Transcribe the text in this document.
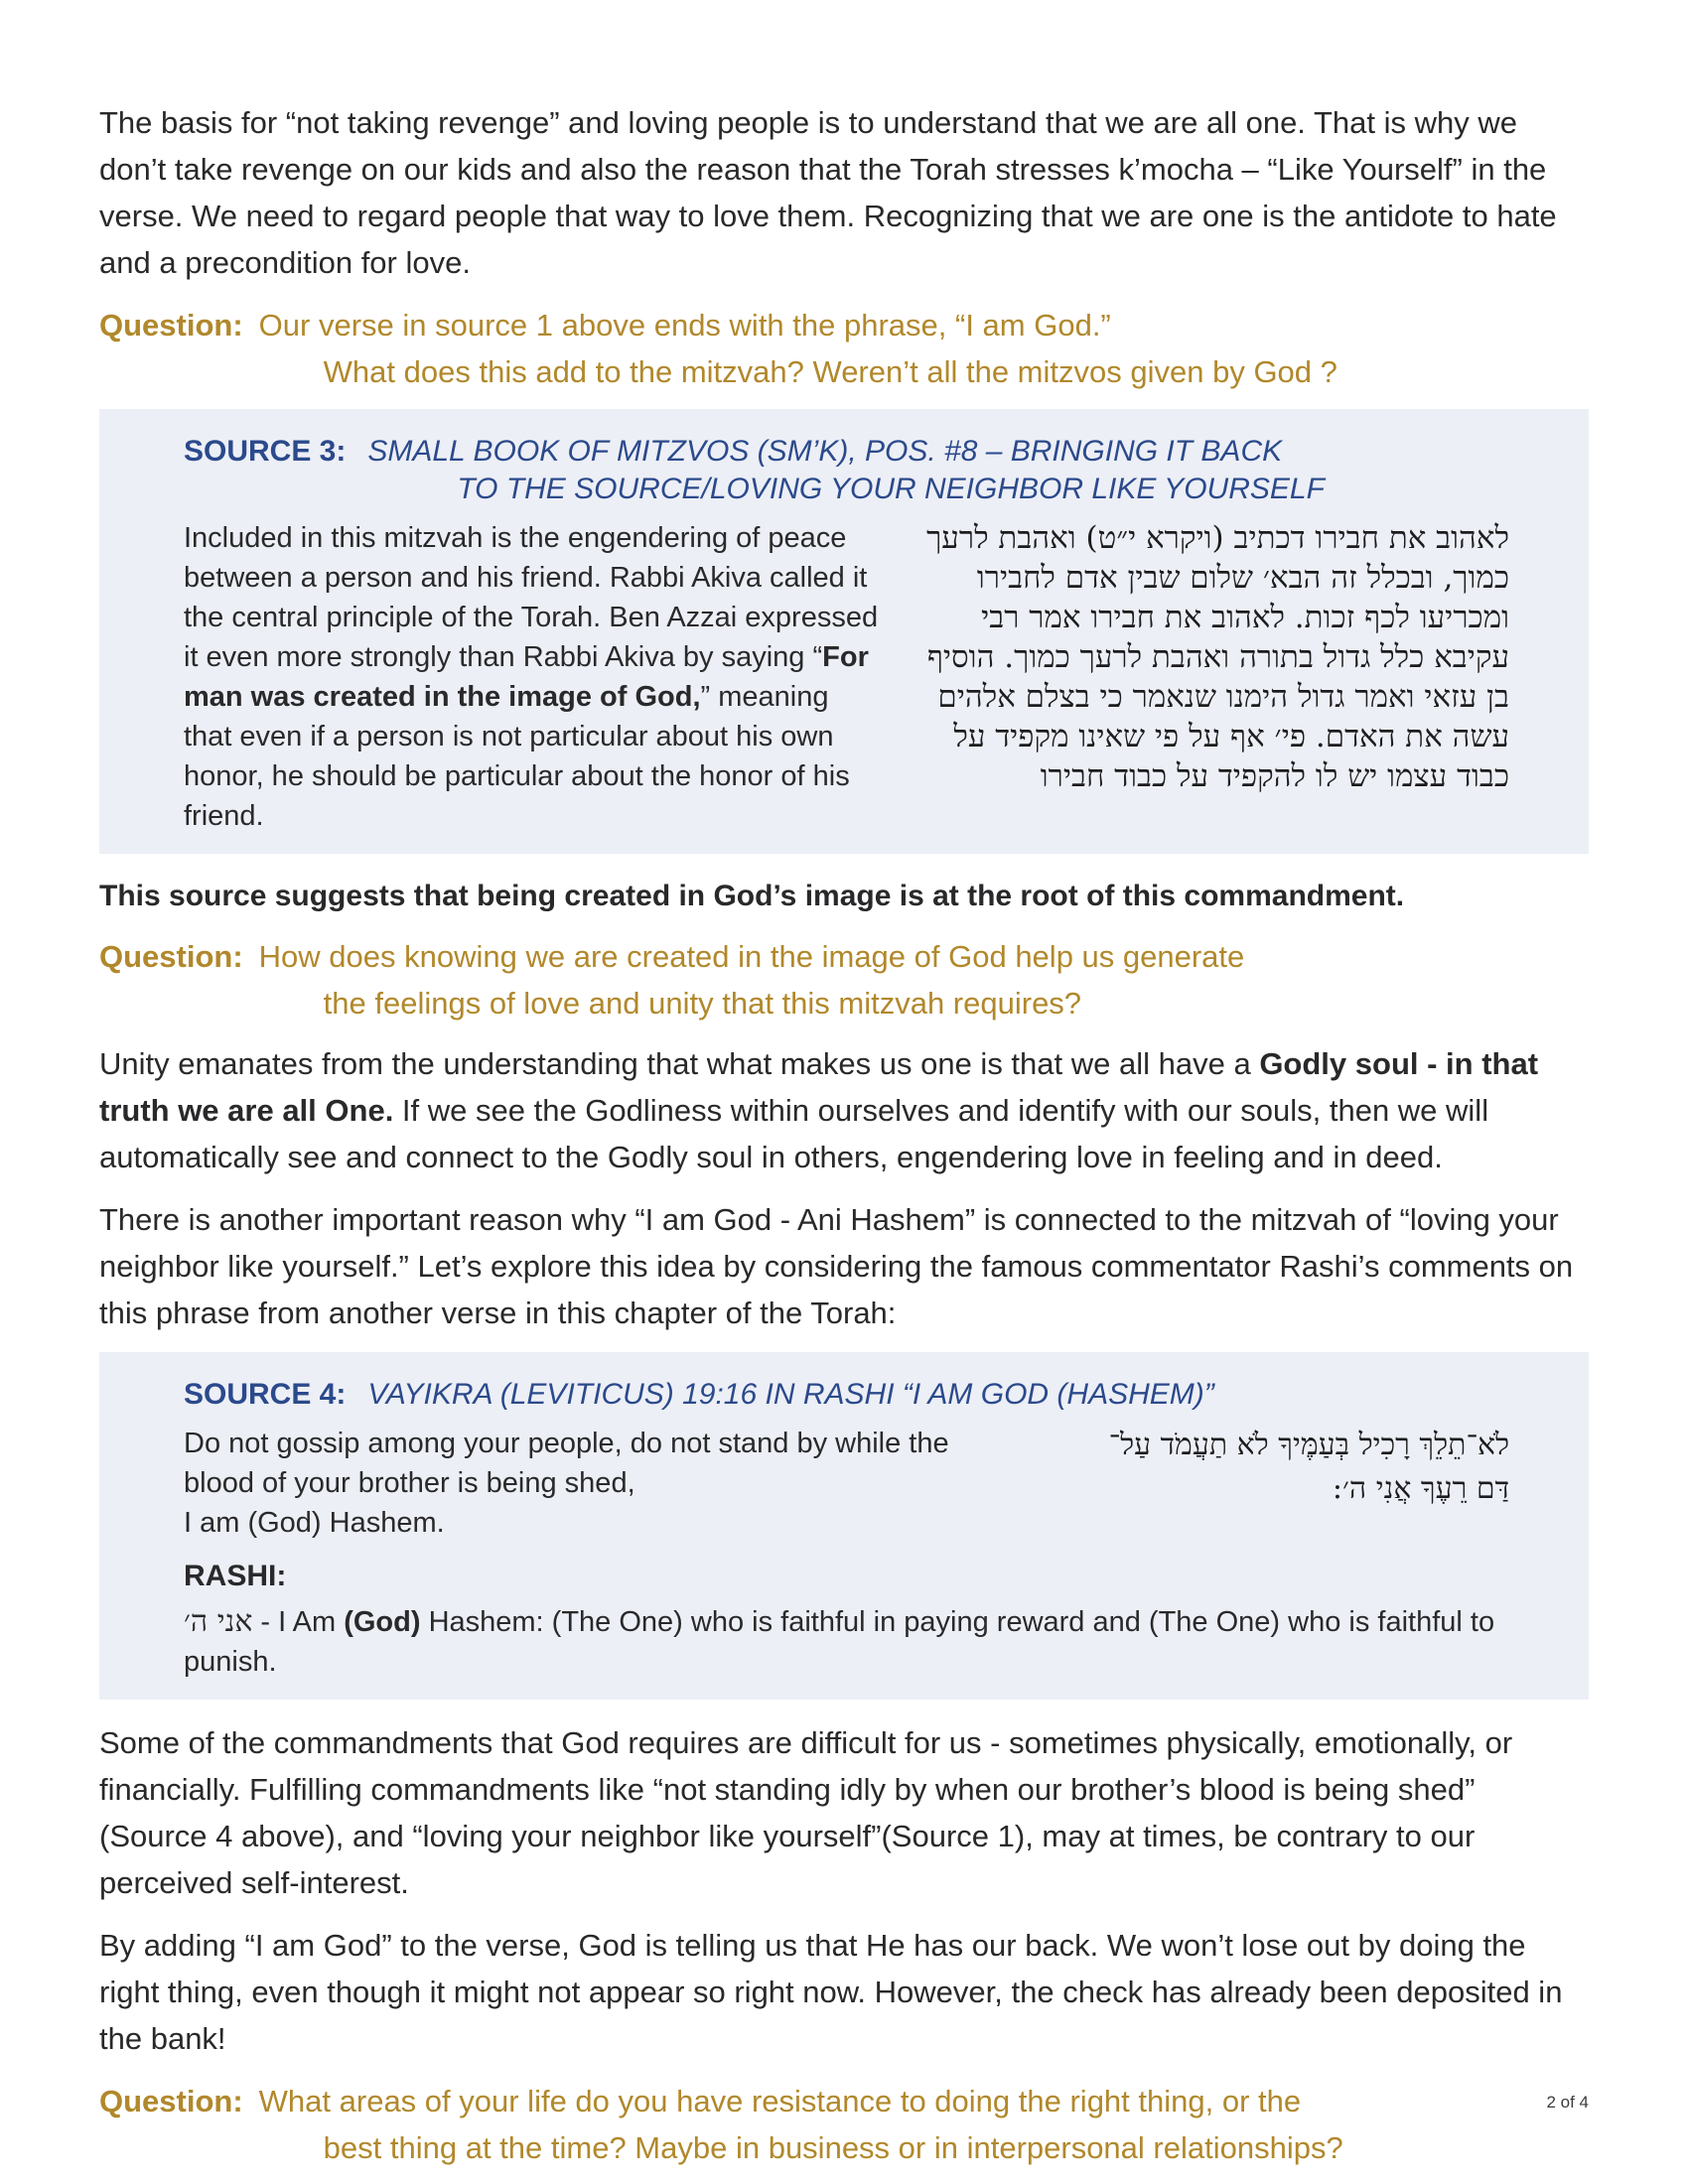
The basis for “not taking revenge” and loving people is to understand that we are all one. That is why we don’t take revenge on our kids and also the reason that the Torah stresses k’mocha – “Like Yourself” in the verse. We need to regard people that way to love them. Recognizing that we are one is the antidote to hate and a precondition for love.

Question: Our verse in source 1 above ends with the phrase, “I am God.”
What does this add to the mitzvah? Weren’t all the mitzvos given by God ?
SOURCE 3: SMALL BOOK OF MITZVOS (SM’K), POS. #8 – BRINGING IT BACK
TO THE SOURCE/LOVING YOUR NEIGHBOR LIKE YOURSELF
Included in this mitzvah is the engendering of peace between a person and his friend. Rabbi Akiva called it the central principle of the Torah. Ben Azzai expressed it even more strongly than Rabbi Akiva by saying “For man was created in the image of God,” meaning that even if a person is not particular about his own honor, he should be particular about the honor of his friend.
לאהוב את חבירו דכתיב (ויקרא י״ט) ואהבת לרעך כמוך, ובכלל זה הבא׳ שלום שבין אדם לחבירו ומכריעו לכף זכות. לאהוב את חבירו אמר רבי עקיבא כלל גדול בתורה ואהבת לרעך כמוך. הוסיף בן עזאי ואמר גדול הימנו שנאמר כי בצלם אלהים עשה את האדם. פי׳ אף על פי שאינו מקפיד על כבוד עצמו יש לו להקפיד על כבוד חבירו

This source suggests that being created in God’s image is at the root of this commandment.

Question: How does knowing we are created in the image of God help us generate
the feelings of love and unity that this mitzvah requires?

Unity emanates from the understanding that what makes us one is that we all have a Godly soul - in that truth we are all One. If we see the Godliness within ourselves and identify with our souls, then we will automatically see and connect to the Godly soul in others, engendering love in feeling and in deed.

There is another important reason why “I am God - Ani Hashem” is connected to the mitzvah of “loving your neighbor like yourself.” Let’s explore this idea by considering the famous commentator Rashi’s comments on this phrase from another verse in this chapter of the Torah:

SOURCE 4: VAYIKRA (LEVITICUS) 19:16 IN RASHI “I AM GOD (HASHEM)”
Do not gossip among your people, do not stand by while the blood of your brother is being shed,
I am (God) Hashem.
לֹא־תֵלֵךְ רָכִיל בְּעַמֶּיךָ לֹא תַעֲמֹד עַל־
דַּם רֵעֶךָ אֲנִי ה׳:
RASHI:
אני ה׳ - I Am (God) Hashem: (The One) who is faithful in paying reward and (The One) who is faithful to punish.

Some of the commandments that God requires are difficult for us - sometimes physically, emotionally, or financially. Fulfilling commandments like “not standing idly by when our brother’s blood is being shed” (Source 4 above), and “loving your neighbor like yourself”(Source 1), may at times, be contrary to our perceived self-interest.

By adding “I am God” to the verse, God is telling us that He has our back. We won’t lose out by doing the right thing, even though it might not appear so right now. However, the check has already been deposited in the bank!

Question: What areas of your life do you have resistance to doing the right thing, or the
best thing at the time? Maybe in business or in interpersonal relationships?
2 of 4
